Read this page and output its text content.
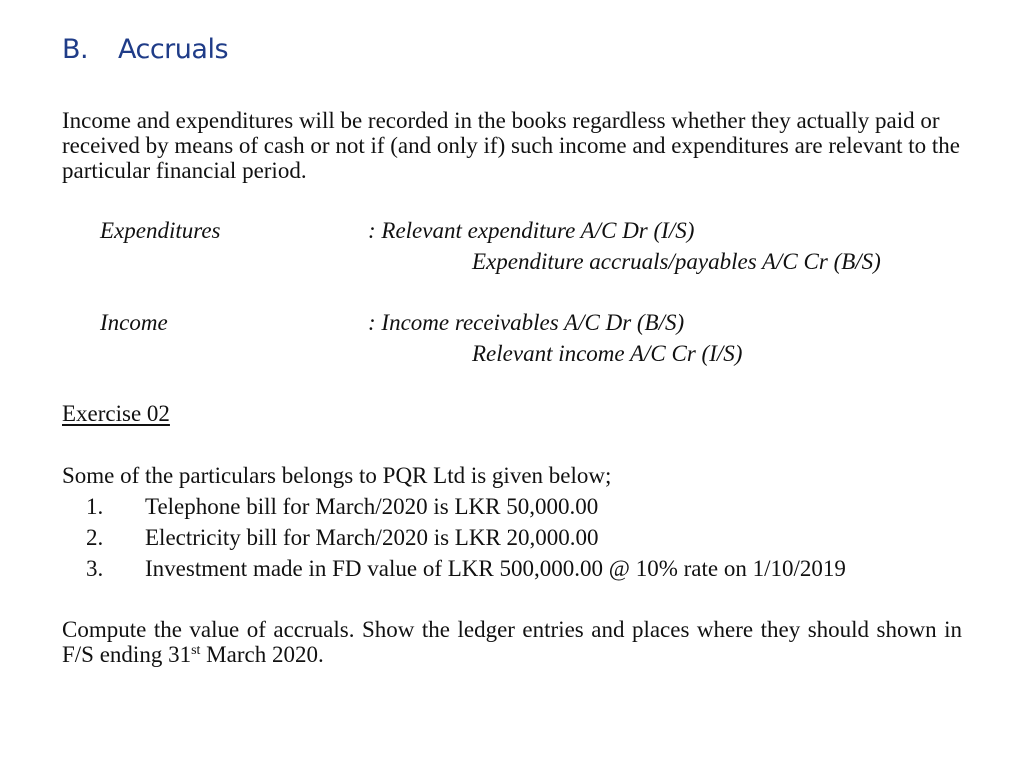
B. Accruals

Income and expenditures will be recorded in the books regardless whether they actually paid or received by means of cash or not if (and only if) such income and expenditures are relevant to the particular financial period.

Expenditures	: Relevant expenditure A/C Dr (I/S)
Expenditure accruals/payables A/C Cr (B/S)
Income	: Income receivables A/C Dr (B/S)
Relevant income A/C Cr (I/S)
Exercise 02
Some of the particulars belongs to PQR Ltd is given below;
1. Telephone bill for March/2020 is LKR 50,000.00
2. Electricity bill for March/2020 is LKR 20,000.00
3. Investment made in FD value of LKR 500,000.00 @ 10% rate on 1/10/2019

Compute the value of accruals. Show the ledger entries and places where they should shown in F/S ending 31st March 2020.
